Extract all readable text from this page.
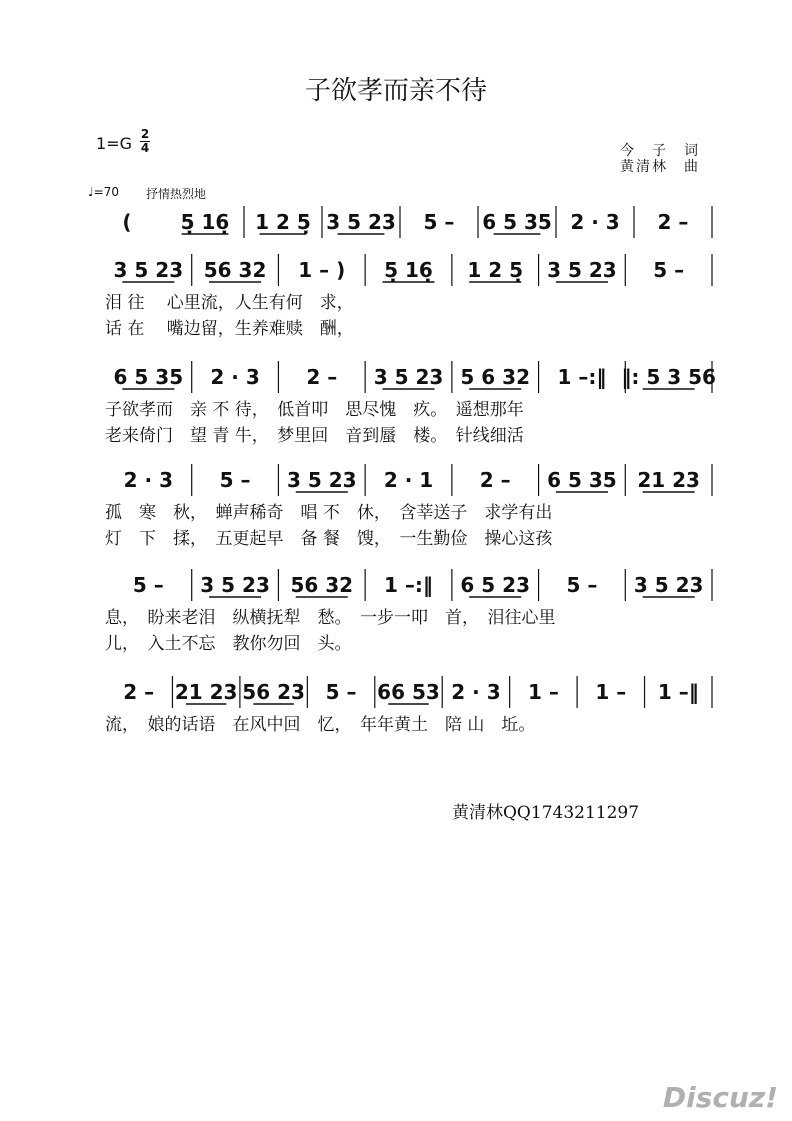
子欲孝而亲不待
1=G 2
4	今　子　词
黄清林　曲
♩=70 抒情热烈地
( 5̣ 16̣ 1 2 5̣ 3 5 23 5 – 6 5 35 2 · 3 2 –
3 5 23 56 32 1 – ) 5̣ 16̣ 1 2 5̣ 3 5 23 5 –
泪 往　 心里流，人生有何　求，
话 在　 嘴边留，生养难赎　酬，
6 5 35 2 · 3 2 – 3 5 23 5 6 32 1 –:‖ ‖: 5 3 56
子欲孝而　亲 不 待，　低首叩　思尽愧　疚。　遥想那年
老来倚门　望 青 牛，　梦里回　音到蜃　楼。　针线细活
2 · 3 5 – 3 5 23 2 · 1 2 – 6 5 35 21 23
孤　寒　秋，　蝉声稀奇　唱 不　休，　含莘送子　求学有出
灯　下　揉，　五更起早　备 餐　馊，　一生勤俭　操心这孩
5 – 3 5 23 56 32 1 –:‖ 6 5 23 5 – 3 5 23
息，　盼来老泪　纵横抚犁　愁。　一步一叩　首，　泪往心里
儿，　入土不忘　教你勿回　头。
2 – 21 23 56 23 5 – 66 53 2 · 3 1 – 1 – 1 –‖
流，　娘的话语　在风中回　忆，　年年黄土　陪 山　坵。
黄清林QQ1743211297
Discuz!
